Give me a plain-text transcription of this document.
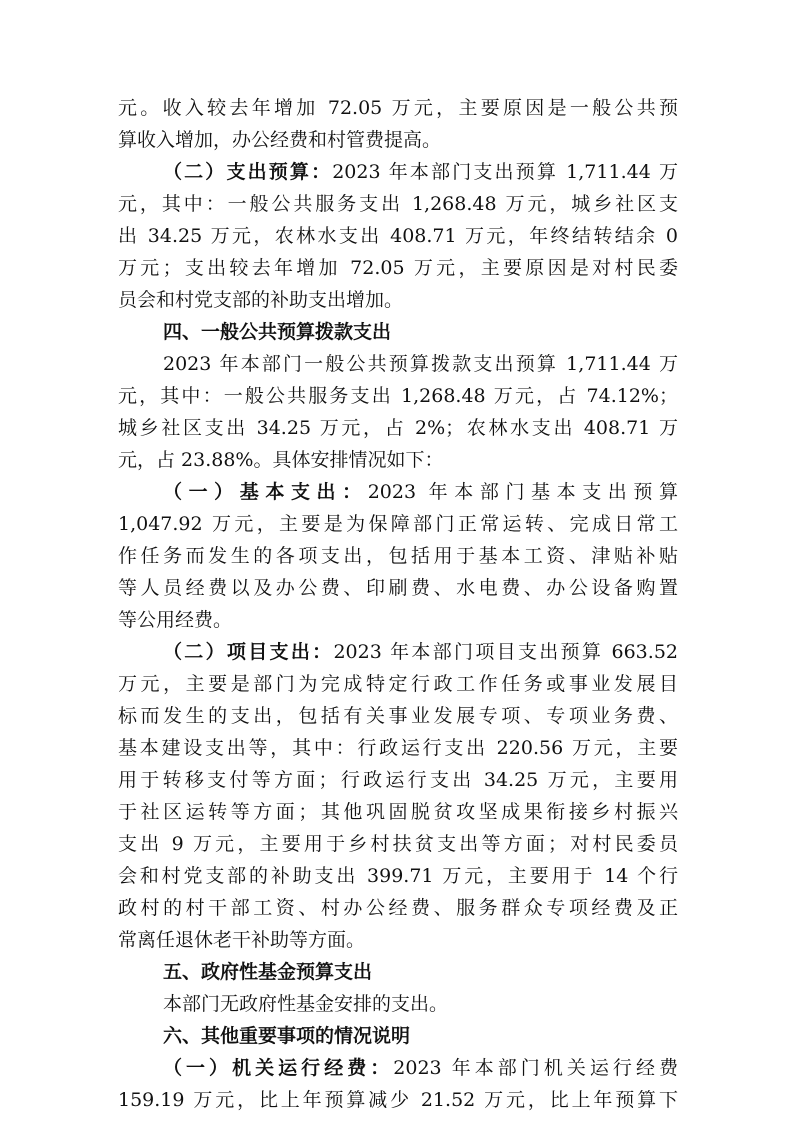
元。收入较去年增加 72.05 万元，主要原因是一般公共预
算收入增加，办公经费和村管费提高。
（二）支出预算：2023 年本部门支出预算 1,711.44 万
元，其中：一般公共服务支出 1,268.48 万元，城乡社区支
出 34.25 万元，农林水支出 408.71 万元，年终结转结余 0
万元；支出较去年增加 72.05 万元，主要原因是对村民委
员会和村党支部的补助支出增加。
四、一般公共预算拨款支出
2023 年本部门一般公共预算拨款支出预算 1,711.44 万
元，其中：一般公共服务支出 1,268.48 万元，占 74.12%；
城乡社区支出 34.25 万元，占 2%；农林水支出 408.71 万
元，占 23.88%。具体安排情况如下：
（一）基本支出：2023 年本部门基本支出预算
1,047.92 万元，主要是为保障部门正常运转、完成日常工
作任务而发生的各项支出，包括用于基本工资、津贴补贴
等人员经费以及办公费、印刷费、水电费、办公设备购置
等公用经费。
（二）项目支出：2023 年本部门项目支出预算 663.52
万元，主要是部门为完成特定行政工作任务或事业发展目
标而发生的支出，包括有关事业发展专项、专项业务费、
基本建设支出等，其中：行政运行支出 220.56 万元，主要
用于转移支付等方面；行政运行支出 34.25 万元，主要用
于社区运转等方面；其他巩固脱贫攻坚成果衔接乡村振兴
支出 9 万元，主要用于乡村扶贫支出等方面；对村民委员
会和村党支部的补助支出 399.71 万元，主要用于 14 个行
政村的村干部工资、村办公经费、服务群众专项经费及正
常离任退休老干补助等方面。
五、政府性基金预算支出
本部门无政府性基金安排的支出。
六、其他重要事项的情况说明
（一）机关运行经费：2023 年本部门机关运行经费
159.19 万元，比上年预算减少 21.52 万元，比上年预算下
